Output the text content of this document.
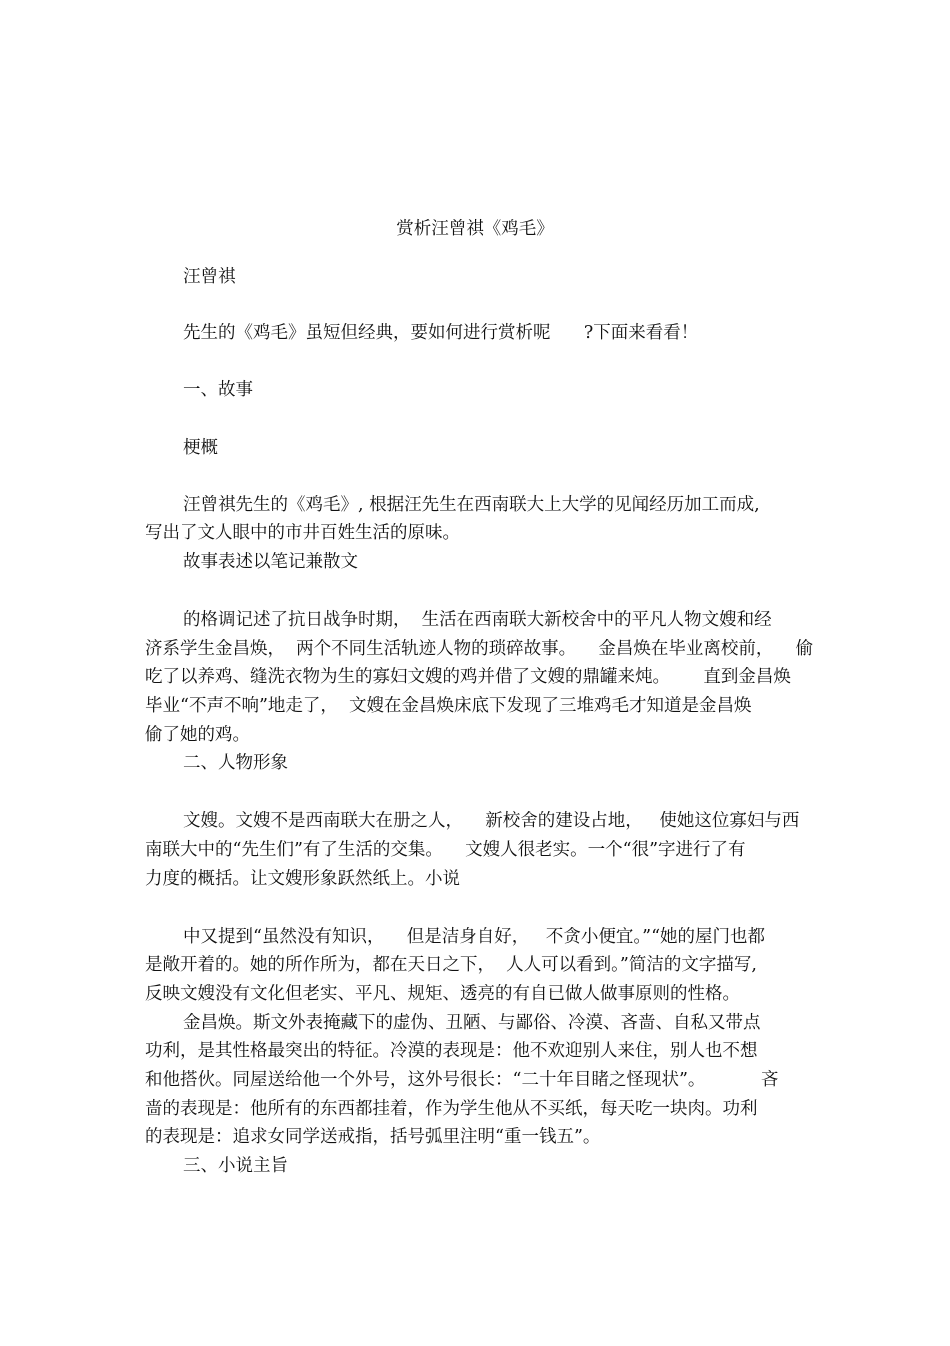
赏析汪曾祺《鸡毛》

汪曾祺

先生的《鸡毛》虽短但经典，要如何进行赏析呢      ?下面来看看！

一、故事

梗概

汪曾祺先生的《鸡毛》, 根据汪先生在西南联大上大学的见闻经历加工而成,

写出了文人眼中的市井百姓生活的原味。

故事表述以笔记兼散文

的格调记述了抗日战争时期，  生活在西南联大新校舍中的平凡人物文嫂和经

济系学生金昌焕，  两个不同生活轨迹人物的琐碎故事。    金昌焕在毕业离校前，    偷

吃了以养鸡、缝洗衣物为生的寡妇文嫂的鸡并借了文嫂的鼎罐来炖。      直到金昌焕

毕业“不声不响”地走了，  文嫂在金昌焕床底下发现了三堆鸡毛才知道是金昌焕

偷了她的鸡。

二、人物形象

文嫂。文嫂不是西南联大在册之人，    新校舍的建设占地，   使她这位寡妇与西

南联大中的“先生们”有了生活的交集。    文嫂人很老实。一个“很”字进行了有

力度的概括。让文嫂形象跃然纸上。小说

中又提到“虽然没有知识，    但是洁身自好，   不贪小便宜。”“她的屋门也都

是敞开着的。她的所作所为，都在天日之下，  人人可以看到。”简洁的文字描写,

反映文嫂没有文化但老实、平凡、规矩、透亮的有自已做人做事原则的性格。

金昌焕。斯文外表掩藏下的虚伪、丑陋、与鄙俗、冷漠、吝啬、自私又带点

功利，是其性格最突出的特征。冷漠的表现是：他不欢迎别人来住，别人也不想

和他搭伙。同屋送给他一个外号，这外号很长：“二十年目睹之怪现状”。          吝

啬的表现是：他所有的东西都挂着，作为学生他从不买纸，每天吃一块肉。功利

的表现是：追求女同学送戒指，括号弧里注明“重一钱五”。

三、小说主旨
